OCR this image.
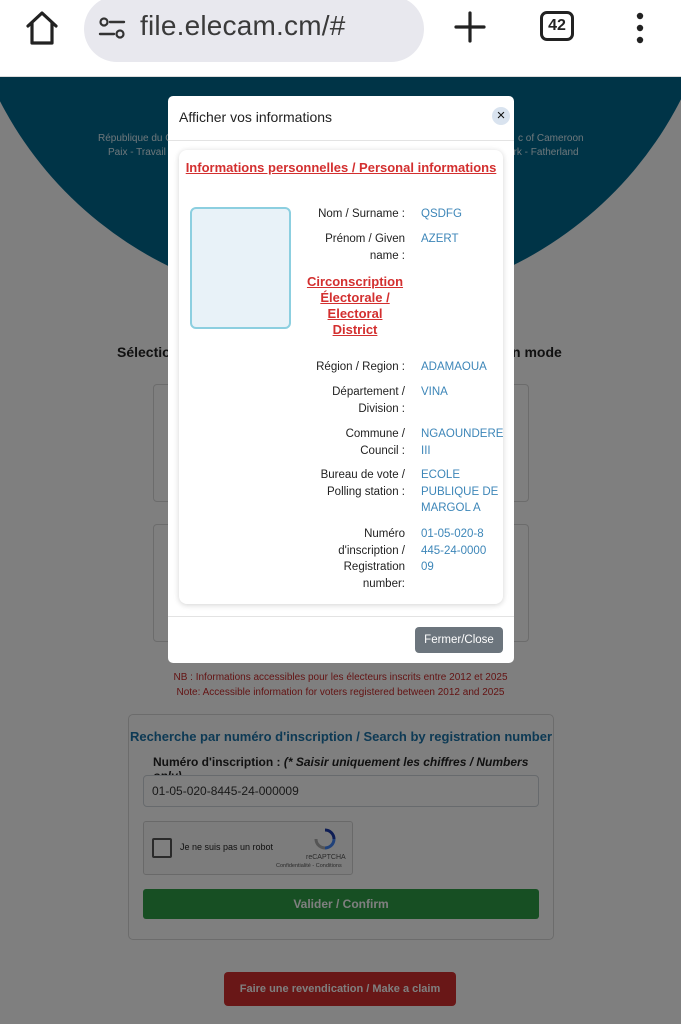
file.elecam.cm/#	42
Afficher vos informations	×
Informations personnelles / Personal informations
Nom / Surname : QSDFG
Prénom / Given name :
AZERT
Circonscription Électorale / Electoral District
Région / Region : ADAMAOUA
Département / Division :
VINA
Commune / Council :
NGAOUNDERE III
Bureau de vote / Polling station :
ECOLE PUBLIQUE DE MARGOL A
Numéro d'inscription / Registration number:
01-05-020-8445-24-000009
Fermer/Close
